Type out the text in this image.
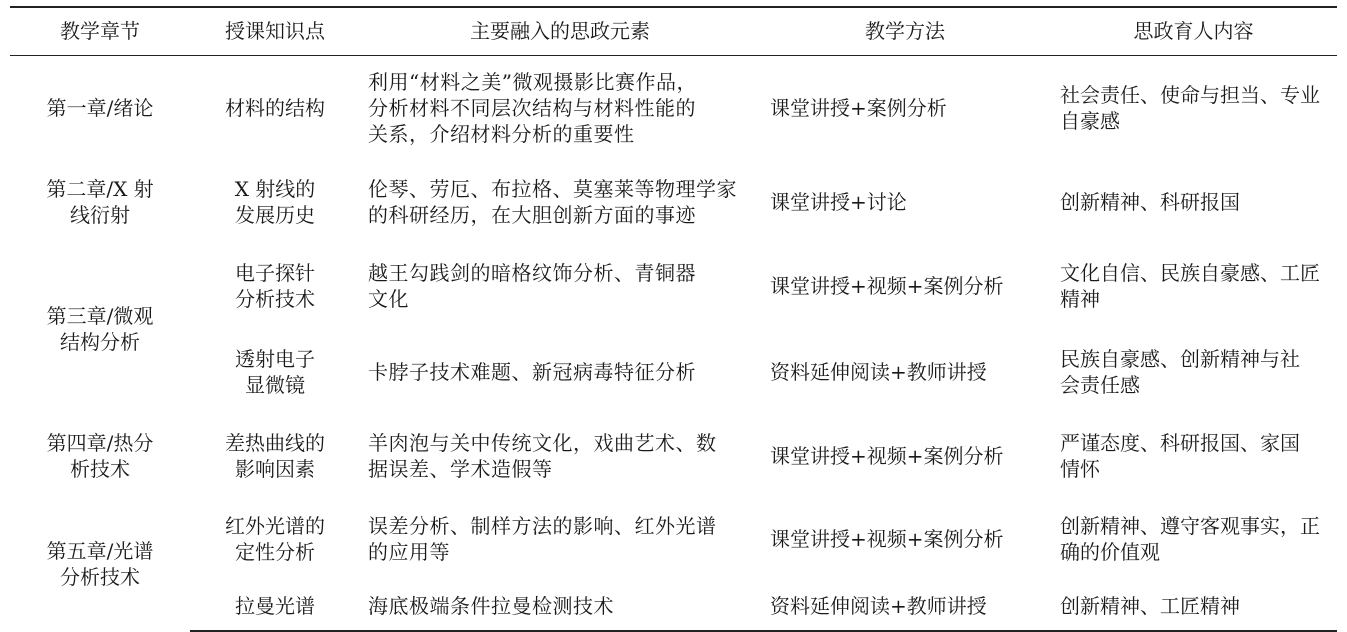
教学章节	授课知识点	主要融入的思政元素	教学方法	思政育人内容

第一章/绪论	材料的结构	利用“材料之美”微观摄影比赛作品，
分析材料不同层次结构与材料性能的
关系，介绍材料分析的重要性	课堂讲授+案例分析	社会责任、使命与担当、专业
自豪感

第二章/X 射
线衍射	X 射线的
发展历史	伦琴、劳厄、布拉格、莫塞莱等物理学家
的科研经历，在大胆创新方面的事迹	课堂讲授+讨论	创新精神、科研报国

第三章/微观
结构分析	电子探针
分析技术	越王勾践剑的暗格纹饰分析、青铜器
文化	课堂讲授+视频+案例分析	文化自信、民族自豪感、工匠
精神

	透射电子
显微镜	卡脖子技术难题、新冠病毒特征分析	资料延伸阅读+教师讲授	民族自豪感、创新精神与社
会责任感

第四章/热分
析技术	差热曲线的
影响因素	羊肉泡与关中传统文化，戏曲艺术、数
据误差、学术造假等	课堂讲授+视频+案例分析	严谨态度、科研报国、家国
情怀

第五章/光谱
分析技术	红外光谱的
定性分析	误差分析、制样方法的影响、红外光谱
的应用等	课堂讲授+视频+案例分析	创新精神、遵守客观事实，正
确的价值观

	拉曼光谱	海底极端条件拉曼检测技术	资料延伸阅读+教师讲授	创新精神、工匠精神
